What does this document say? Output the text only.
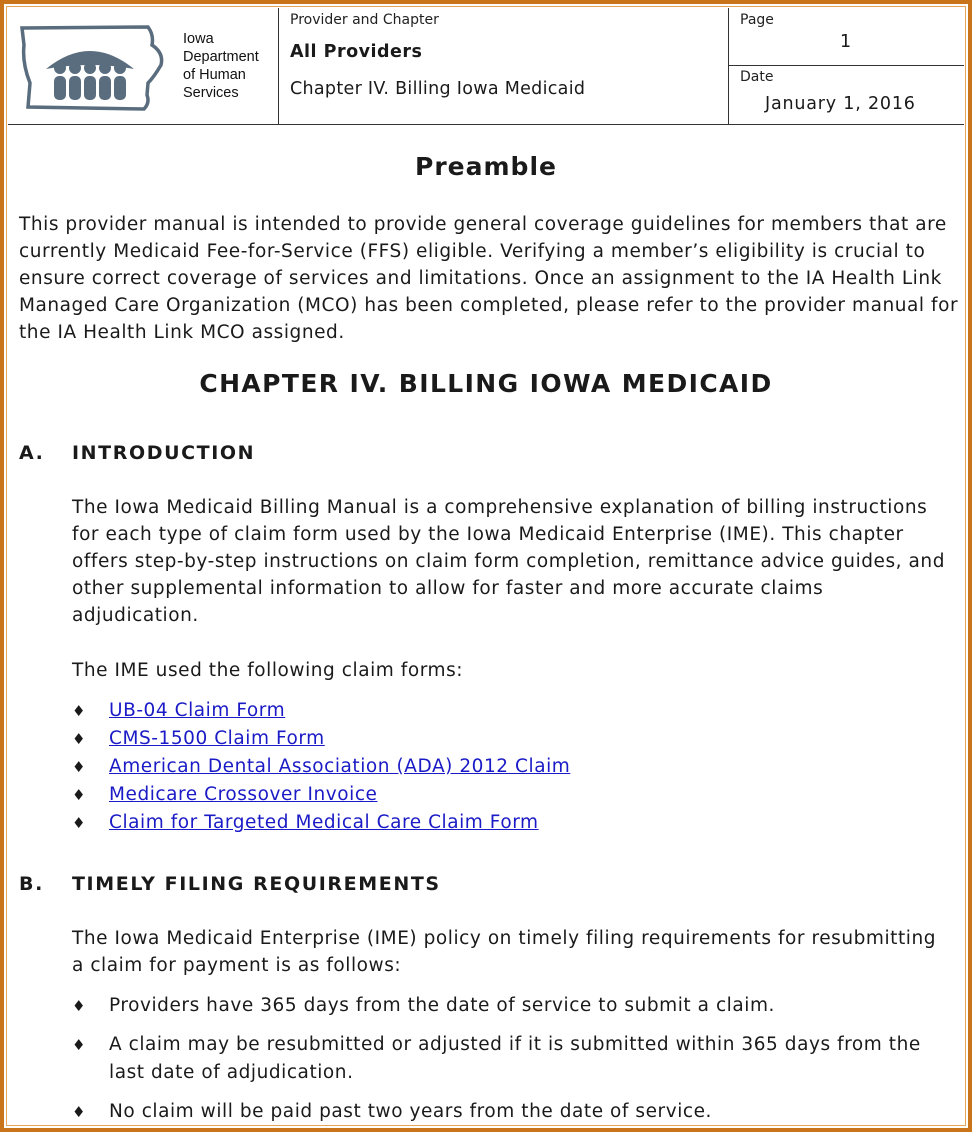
Iowa
Department
of Human
Services
Provider and Chapter
All Providers
Chapter IV. Billing Iowa Medicaid
Page
1
Date
January 1, 2016
Preamble
This provider manual is intended to provide general coverage guidelines for members that are currently Medicaid Fee-for-Service (FFS) eligible. Verifying a member’s eligibility is crucial to ensure correct coverage of services and limitations. Once an assignment to the IA Health Link Managed Care Organization (MCO) has been completed, please refer to the provider manual for the IA Health Link MCO assigned.
CHAPTER IV. BILLING IOWA MEDICAID
A. INTRODUCTION
The Iowa Medicaid Billing Manual is a comprehensive explanation of billing instructions for each type of claim form used by the Iowa Medicaid Enterprise (IME). This chapter offers step-by-step instructions on claim form completion, remittance advice guides, and other supplemental information to allow for faster and more accurate claims adjudication.
The IME used the following claim forms:
♦ UB-04 Claim Form
♦ CMS-1500 Claim Form
♦ American Dental Association (ADA) 2012 Claim
♦ Medicare Crossover Invoice
♦ Claim for Targeted Medical Care Claim Form
B. TIMELY FILING REQUIREMENTS
The Iowa Medicaid Enterprise (IME) policy on timely filing requirements for resubmitting a claim for payment is as follows:
♦ Providers have 365 days from the date of service to submit a claim.
♦ A claim may be resubmitted or adjusted if it is submitted within 365 days from the last date of adjudication.
♦ No claim will be paid past two years from the date of service.
